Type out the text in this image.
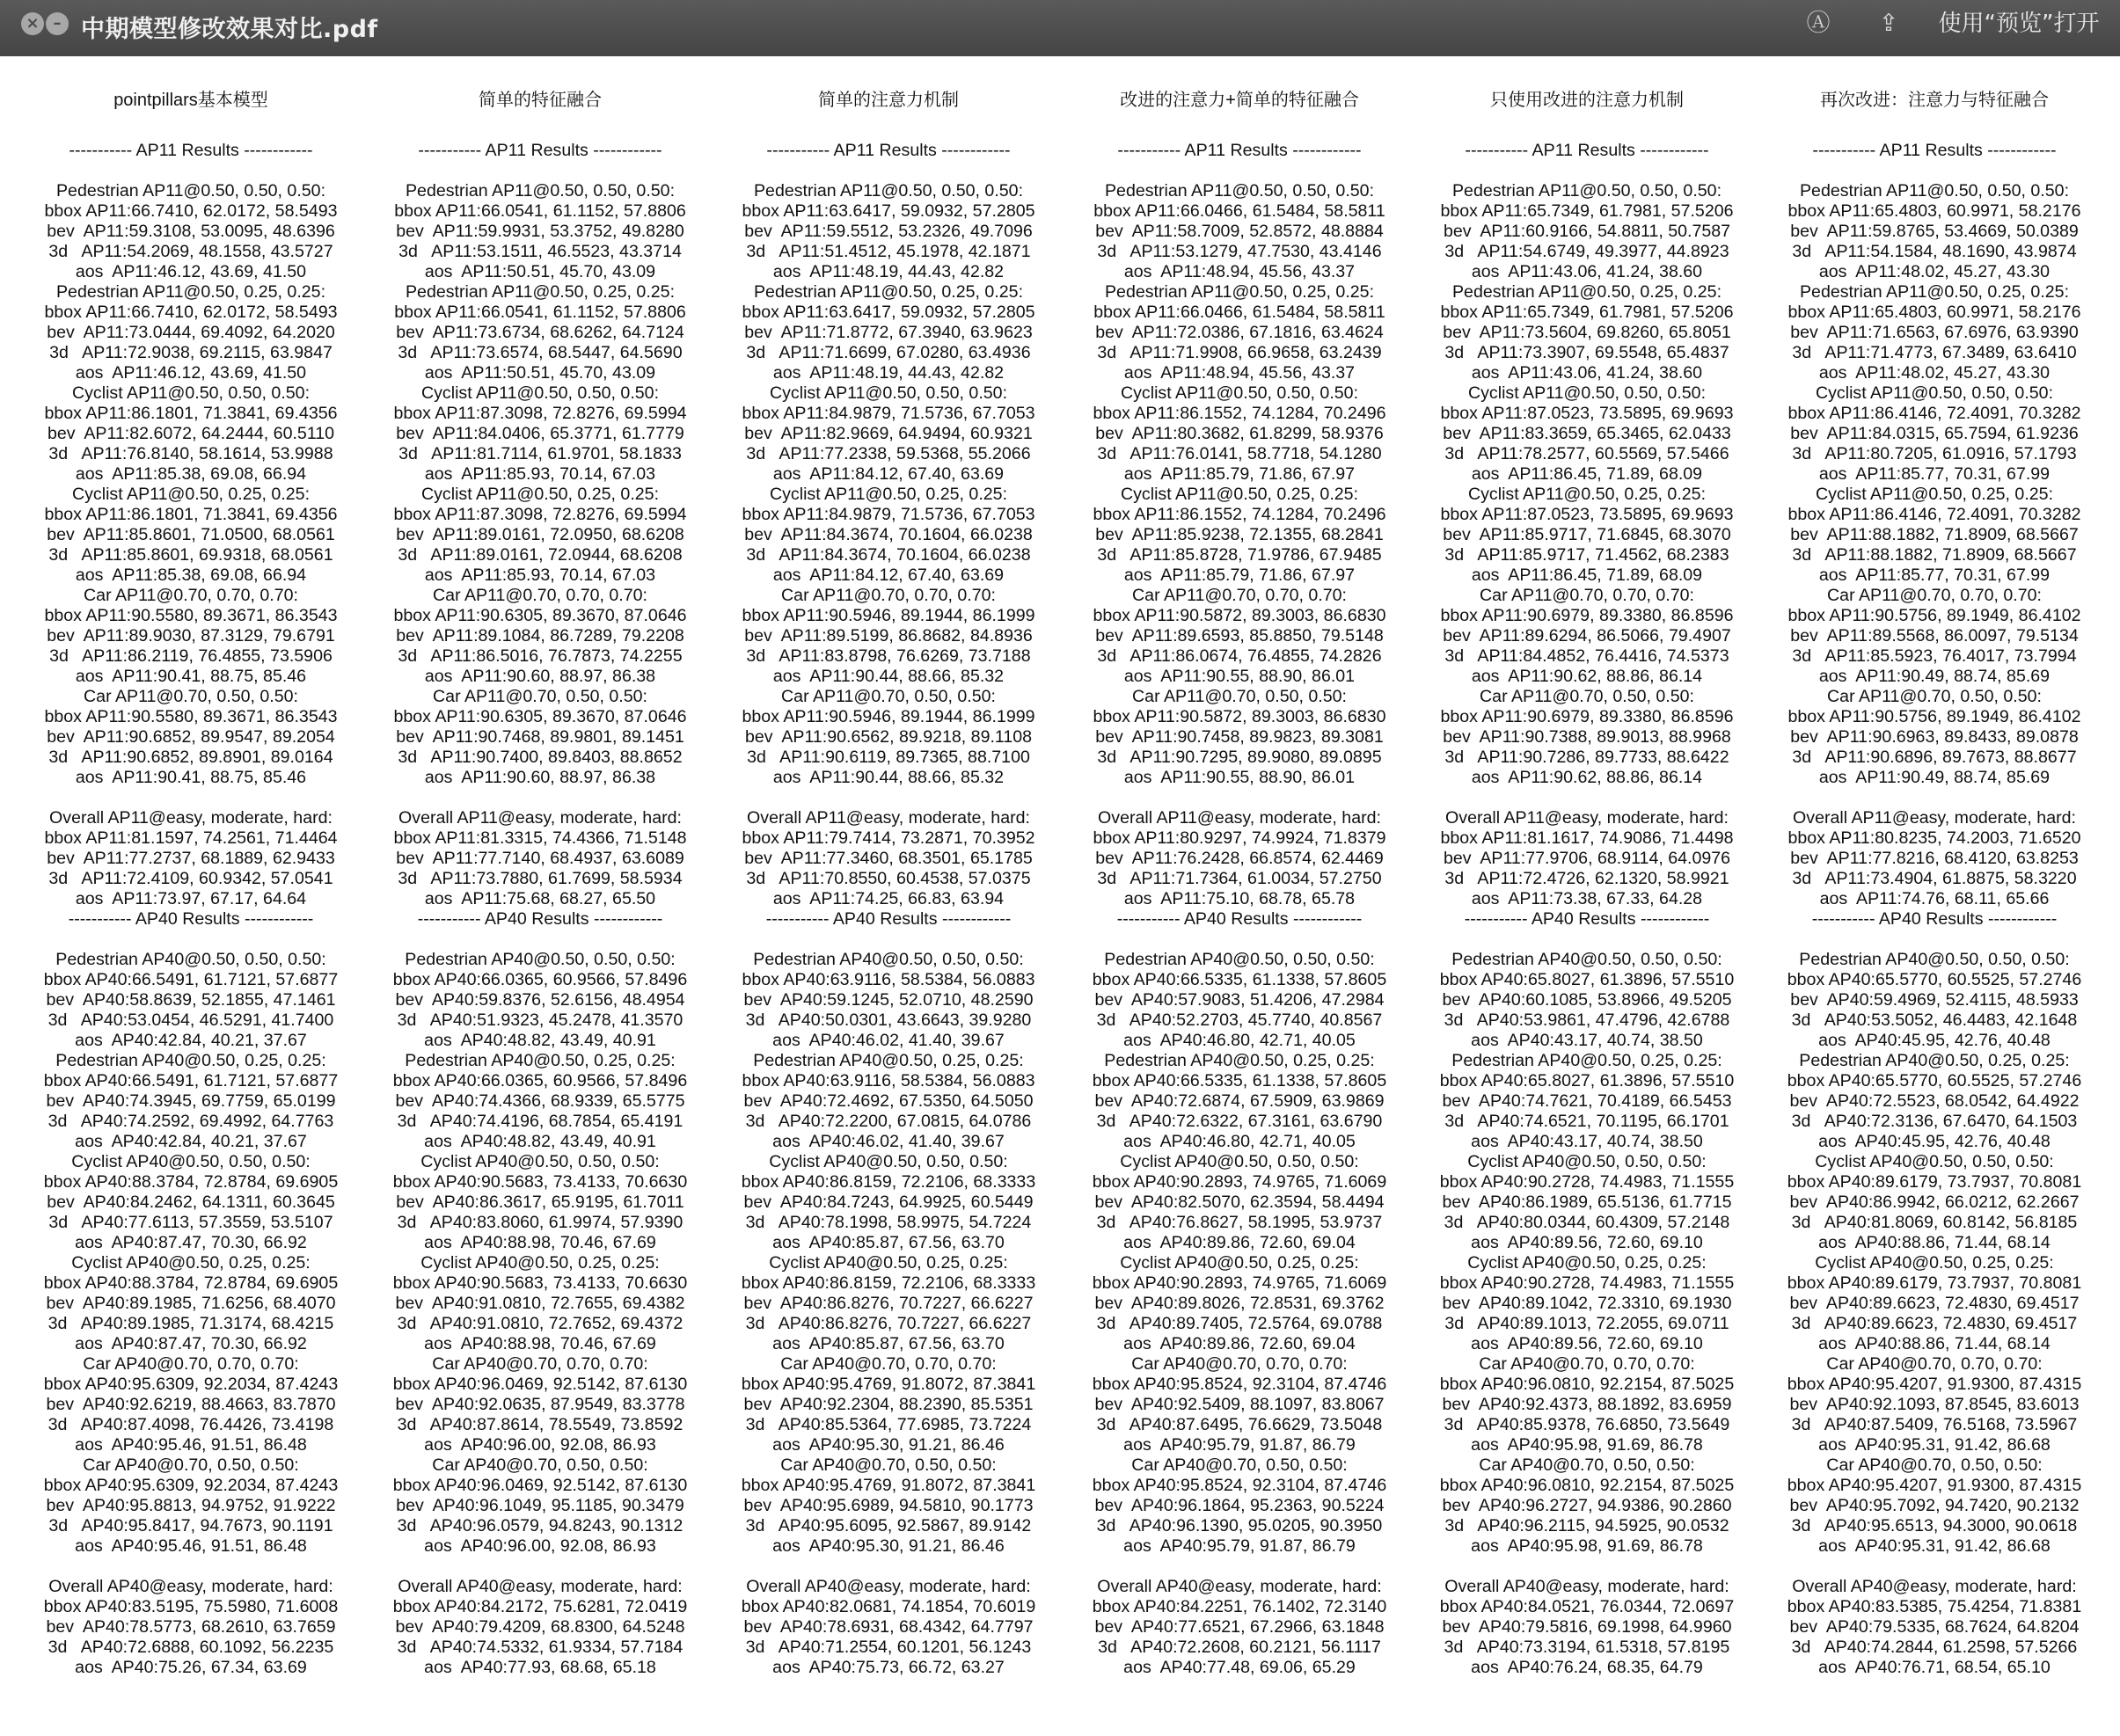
× – 中期模型修改效果对比.pdf	Ⓐ ⇪	使用“预览”打开
pointpillars基本模型
----------- AP11 Results ------------
Pedestrian AP11@0.50, 0.50, 0.50:
bbox AP11:66.7410, 62.0172, 58.5493
bev  AP11:59.3108, 53.0095, 48.6396
3d   AP11:54.2069, 48.1558, 43.5727
aos  AP11:46.12, 43.69, 41.50
Pedestrian AP11@0.50, 0.25, 0.25:
bbox AP11:66.7410, 62.0172, 58.5493
bev  AP11:73.0444, 69.4092, 64.2020
3d   AP11:72.9038, 69.2115, 63.9847
aos  AP11:46.12, 43.69, 41.50
Cyclist AP11@0.50, 0.50, 0.50:
bbox AP11:86.1801, 71.3841, 69.4356
bev  AP11:82.6072, 64.2444, 60.5110
3d   AP11:76.8140, 58.1614, 53.9988
aos  AP11:85.38, 69.08, 66.94
Cyclist AP11@0.50, 0.25, 0.25:
bbox AP11:86.1801, 71.3841, 69.4356
bev  AP11:85.8601, 71.0500, 68.0561
3d   AP11:85.8601, 69.9318, 68.0561
aos  AP11:85.38, 69.08, 66.94
Car AP11@0.70, 0.70, 0.70:
bbox AP11:90.5580, 89.3671, 86.3543
bev  AP11:89.9030, 87.3129, 79.6791
3d   AP11:86.2119, 76.4855, 73.5906
aos  AP11:90.41, 88.75, 85.46
Car AP11@0.70, 0.50, 0.50:
bbox AP11:90.5580, 89.3671, 86.3543
bev  AP11:90.6852, 89.9547, 89.2054
3d   AP11:90.6852, 89.8901, 89.0164
aos  AP11:90.41, 88.75, 85.46
Overall AP11@easy, moderate, hard:
bbox AP11:81.1597, 74.2561, 71.4464
bev  AP11:77.2737, 68.1889, 62.9433
3d   AP11:72.4109, 60.9342, 57.0541
aos  AP11:73.97, 67.17, 64.64
----------- AP40 Results ------------
Pedestrian AP40@0.50, 0.50, 0.50:
bbox AP40:66.5491, 61.7121, 57.6877
bev  AP40:58.8639, 52.1855, 47.1461
3d   AP40:53.0454, 46.5291, 41.7400
aos  AP40:42.84, 40.21, 37.67
Pedestrian AP40@0.50, 0.25, 0.25:
bbox AP40:66.5491, 61.7121, 57.6877
bev  AP40:74.3945, 69.7759, 65.0199
3d   AP40:74.2592, 69.4992, 64.7763
aos  AP40:42.84, 40.21, 37.67
Cyclist AP40@0.50, 0.50, 0.50:
bbox AP40:88.3784, 72.8784, 69.6905
bev  AP40:84.2462, 64.1311, 60.3645
3d   AP40:77.6113, 57.3559, 53.5107
aos  AP40:87.47, 70.30, 66.92
Cyclist AP40@0.50, 0.25, 0.25:
bbox AP40:88.3784, 72.8784, 69.6905
bev  AP40:89.1985, 71.6256, 68.4070
3d   AP40:89.1985, 71.3174, 68.4215
aos  AP40:87.47, 70.30, 66.92
Car AP40@0.70, 0.70, 0.70:
bbox AP40:95.6309, 92.2034, 87.4243
bev  AP40:92.6219, 88.4663, 83.7870
3d   AP40:87.4098, 76.4426, 73.4198
aos  AP40:95.46, 91.51, 86.48
Car AP40@0.70, 0.50, 0.50:
bbox AP40:95.6309, 92.2034, 87.4243
bev  AP40:95.8813, 94.9752, 91.9222
3d   AP40:95.8417, 94.7673, 90.1191
aos  AP40:95.46, 91.51, 86.48
Overall AP40@easy, moderate, hard:
bbox AP40:83.5195, 75.5980, 71.6008
bev  AP40:78.5773, 68.2610, 63.7659
3d   AP40:72.6888, 60.1092, 56.2235
aos  AP40:75.26, 67.34, 63.69
简单的特征融合
----------- AP11 Results ------------
Pedestrian AP11@0.50, 0.50, 0.50:
bbox AP11:66.0541, 61.1152, 57.8806
bev  AP11:59.9931, 53.3752, 49.8280
3d   AP11:53.1511, 46.5523, 43.3714
aos  AP11:50.51, 45.70, 43.09
Pedestrian AP11@0.50, 0.25, 0.25:
bbox AP11:66.0541, 61.1152, 57.8806
bev  AP11:73.6734, 68.6262, 64.7124
3d   AP11:73.6574, 68.5447, 64.5690
aos  AP11:50.51, 45.70, 43.09
Cyclist AP11@0.50, 0.50, 0.50:
bbox AP11:87.3098, 72.8276, 69.5994
bev  AP11:84.0406, 65.3771, 61.7779
3d   AP11:81.7114, 61.9701, 58.1833
aos  AP11:85.93, 70.14, 67.03
Cyclist AP11@0.50, 0.25, 0.25:
bbox AP11:87.3098, 72.8276, 69.5994
bev  AP11:89.0161, 72.0950, 68.6208
3d   AP11:89.0161, 72.0944, 68.6208
aos  AP11:85.93, 70.14, 67.03
Car AP11@0.70, 0.70, 0.70:
bbox AP11:90.6305, 89.3670, 87.0646
bev  AP11:89.1084, 86.7289, 79.2208
3d   AP11:86.5016, 76.7873, 74.2255
aos  AP11:90.60, 88.97, 86.38
Car AP11@0.70, 0.50, 0.50:
bbox AP11:90.6305, 89.3670, 87.0646
bev  AP11:90.7468, 89.9801, 89.1451
3d   AP11:90.7400, 89.8403, 88.8652
aos  AP11:90.60, 88.97, 86.38
Overall AP11@easy, moderate, hard:
bbox AP11:81.3315, 74.4366, 71.5148
bev  AP11:77.7140, 68.4937, 63.6089
3d   AP11:73.7880, 61.7699, 58.5934
aos  AP11:75.68, 68.27, 65.50
----------- AP40 Results ------------
Pedestrian AP40@0.50, 0.50, 0.50:
bbox AP40:66.0365, 60.9566, 57.8496
bev  AP40:59.8376, 52.6156, 48.4954
3d   AP40:51.9323, 45.2478, 41.3570
aos  AP40:48.82, 43.49, 40.91
Pedestrian AP40@0.50, 0.25, 0.25:
bbox AP40:66.0365, 60.9566, 57.8496
bev  AP40:74.4366, 68.9339, 65.5775
3d   AP40:74.4196, 68.7854, 65.4191
aos  AP40:48.82, 43.49, 40.91
Cyclist AP40@0.50, 0.50, 0.50:
bbox AP40:90.5683, 73.4133, 70.6630
bev  AP40:86.3617, 65.9195, 61.7011
3d   AP40:83.8060, 61.9974, 57.9390
aos  AP40:88.98, 70.46, 67.69
Cyclist AP40@0.50, 0.25, 0.25:
bbox AP40:90.5683, 73.4133, 70.6630
bev  AP40:91.0810, 72.7655, 69.4382
3d   AP40:91.0810, 72.7652, 69.4372
aos  AP40:88.98, 70.46, 67.69
Car AP40@0.70, 0.70, 0.70:
bbox AP40:96.0469, 92.5142, 87.6130
bev  AP40:92.0635, 87.9549, 83.3778
3d   AP40:87.8614, 78.5549, 73.8592
aos  AP40:96.00, 92.08, 86.93
Car AP40@0.70, 0.50, 0.50:
bbox AP40:96.0469, 92.5142, 87.6130
bev  AP40:96.1049, 95.1185, 90.3479
3d   AP40:96.0579, 94.8243, 90.1312
aos  AP40:96.00, 92.08, 86.93
Overall AP40@easy, moderate, hard:
bbox AP40:84.2172, 75.6281, 72.0419
bev  AP40:79.4209, 68.8300, 64.5248
3d   AP40:74.5332, 61.9334, 57.7184
aos  AP40:77.93, 68.68, 65.18
简单的注意力机制
----------- AP11 Results ------------
Pedestrian AP11@0.50, 0.50, 0.50:
bbox AP11:63.6417, 59.0932, 57.2805
bev  AP11:59.5512, 53.2326, 49.7096
3d   AP11:51.4512, 45.1978, 42.1871
aos  AP11:48.19, 44.43, 42.82
Pedestrian AP11@0.50, 0.25, 0.25:
bbox AP11:63.6417, 59.0932, 57.2805
bev  AP11:71.8772, 67.3940, 63.9623
3d   AP11:71.6699, 67.0280, 63.4936
aos  AP11:48.19, 44.43, 42.82
Cyclist AP11@0.50, 0.50, 0.50:
bbox AP11:84.9879, 71.5736, 67.7053
bev  AP11:82.9669, 64.9494, 60.9321
3d   AP11:77.2338, 59.5368, 55.2066
aos  AP11:84.12, 67.40, 63.69
Cyclist AP11@0.50, 0.25, 0.25:
bbox AP11:84.9879, 71.5736, 67.7053
bev  AP11:84.3674, 70.1604, 66.0238
3d   AP11:84.3674, 70.1604, 66.0238
aos  AP11:84.12, 67.40, 63.69
Car AP11@0.70, 0.70, 0.70:
bbox AP11:90.5946, 89.1944, 86.1999
bev  AP11:89.5199, 86.8682, 84.8936
3d   AP11:83.8798, 76.6269, 73.7188
aos  AP11:90.44, 88.66, 85.32
Car AP11@0.70, 0.50, 0.50:
bbox AP11:90.5946, 89.1944, 86.1999
bev  AP11:90.6562, 89.9218, 89.1108
3d   AP11:90.6119, 89.7365, 88.7100
aos  AP11:90.44, 88.66, 85.32
Overall AP11@easy, moderate, hard:
bbox AP11:79.7414, 73.2871, 70.3952
bev  AP11:77.3460, 68.3501, 65.1785
3d   AP11:70.8550, 60.4538, 57.0375
aos  AP11:74.25, 66.83, 63.94
----------- AP40 Results ------------
Pedestrian AP40@0.50, 0.50, 0.50:
bbox AP40:63.9116, 58.5384, 56.0883
bev  AP40:59.1245, 52.0710, 48.2590
3d   AP40:50.0301, 43.6643, 39.9280
aos  AP40:46.02, 41.40, 39.67
Pedestrian AP40@0.50, 0.25, 0.25:
bbox AP40:63.9116, 58.5384, 56.0883
bev  AP40:72.4692, 67.5350, 64.5050
3d   AP40:72.2200, 67.0815, 64.0786
aos  AP40:46.02, 41.40, 39.67
Cyclist AP40@0.50, 0.50, 0.50:
bbox AP40:86.8159, 72.2106, 68.3333
bev  AP40:84.7243, 64.9925, 60.5449
3d   AP40:78.1998, 58.9975, 54.7224
aos  AP40:85.87, 67.56, 63.70
Cyclist AP40@0.50, 0.25, 0.25:
bbox AP40:86.8159, 72.2106, 68.3333
bev  AP40:86.8276, 70.7227, 66.6227
3d   AP40:86.8276, 70.7227, 66.6227
aos  AP40:85.87, 67.56, 63.70
Car AP40@0.70, 0.70, 0.70:
bbox AP40:95.4769, 91.8072, 87.3841
bev  AP40:92.2304, 88.2390, 85.5351
3d   AP40:85.5364, 77.6985, 73.7224
aos  AP40:95.30, 91.21, 86.46
Car AP40@0.70, 0.50, 0.50:
bbox AP40:95.4769, 91.8072, 87.3841
bev  AP40:95.6989, 94.5810, 90.1773
3d   AP40:95.6095, 92.5867, 89.9142
aos  AP40:95.30, 91.21, 86.46
Overall AP40@easy, moderate, hard:
bbox AP40:82.0681, 74.1854, 70.6019
bev  AP40:78.6931, 68.4342, 64.7797
3d   AP40:71.2554, 60.1201, 56.1243
aos  AP40:75.73, 66.72, 63.27
改进的注意力+简单的特征融合
----------- AP11 Results ------------
Pedestrian AP11@0.50, 0.50, 0.50:
bbox AP11:66.0466, 61.5484, 58.5811
bev  AP11:58.7009, 52.8572, 48.8884
3d   AP11:53.1279, 47.7530, 43.4146
aos  AP11:48.94, 45.56, 43.37
Pedestrian AP11@0.50, 0.25, 0.25:
bbox AP11:66.0466, 61.5484, 58.5811
bev  AP11:72.0386, 67.1816, 63.4624
3d   AP11:71.9908, 66.9658, 63.2439
aos  AP11:48.94, 45.56, 43.37
Cyclist AP11@0.50, 0.50, 0.50:
bbox AP11:86.1552, 74.1284, 70.2496
bev  AP11:80.3682, 61.8299, 58.9376
3d   AP11:76.0141, 58.7718, 54.1280
aos  AP11:85.79, 71.86, 67.97
Cyclist AP11@0.50, 0.25, 0.25:
bbox AP11:86.1552, 74.1284, 70.2496
bev  AP11:85.9238, 72.1355, 68.2841
3d   AP11:85.8728, 71.9786, 67.9485
aos  AP11:85.79, 71.86, 67.97
Car AP11@0.70, 0.70, 0.70:
bbox AP11:90.5872, 89.3003, 86.6830
bev  AP11:89.6593, 85.8850, 79.5148
3d   AP11:86.0674, 76.4855, 74.2826
aos  AP11:90.55, 88.90, 86.01
Car AP11@0.70, 0.50, 0.50:
bbox AP11:90.5872, 89.3003, 86.6830
bev  AP11:90.7458, 89.9823, 89.3081
3d   AP11:90.7295, 89.9080, 89.0895
aos  AP11:90.55, 88.90, 86.01
Overall AP11@easy, moderate, hard:
bbox AP11:80.9297, 74.9924, 71.8379
bev  AP11:76.2428, 66.8574, 62.4469
3d   AP11:71.7364, 61.0034, 57.2750
aos  AP11:75.10, 68.78, 65.78
----------- AP40 Results ------------
Pedestrian AP40@0.50, 0.50, 0.50:
bbox AP40:66.5335, 61.1338, 57.8605
bev  AP40:57.9083, 51.4206, 47.2984
3d   AP40:52.2703, 45.7740, 40.8567
aos  AP40:46.80, 42.71, 40.05
Pedestrian AP40@0.50, 0.25, 0.25:
bbox AP40:66.5335, 61.1338, 57.8605
bev  AP40:72.6874, 67.5909, 63.9869
3d   AP40:72.6322, 67.3161, 63.6790
aos  AP40:46.80, 42.71, 40.05
Cyclist AP40@0.50, 0.50, 0.50:
bbox AP40:90.2893, 74.9765, 71.6069
bev  AP40:82.5070, 62.3594, 58.4494
3d   AP40:76.8627, 58.1995, 53.9737
aos  AP40:89.86, 72.60, 69.04
Cyclist AP40@0.50, 0.25, 0.25:
bbox AP40:90.2893, 74.9765, 71.6069
bev  AP40:89.8026, 72.8531, 69.3762
3d   AP40:89.7405, 72.5764, 69.0788
aos  AP40:89.86, 72.60, 69.04
Car AP40@0.70, 0.70, 0.70:
bbox AP40:95.8524, 92.3104, 87.4746
bev  AP40:92.5409, 88.1097, 83.8067
3d   AP40:87.6495, 76.6629, 73.5048
aos  AP40:95.79, 91.87, 86.79
Car AP40@0.70, 0.50, 0.50:
bbox AP40:95.8524, 92.3104, 87.4746
bev  AP40:96.1864, 95.2363, 90.5224
3d   AP40:96.1390, 95.0205, 90.3950
aos  AP40:95.79, 91.87, 86.79
Overall AP40@easy, moderate, hard:
bbox AP40:84.2251, 76.1402, 72.3140
bev  AP40:77.6521, 67.2966, 63.1848
3d   AP40:72.2608, 60.2121, 56.1117
aos  AP40:77.48, 69.06, 65.29
只使用改进的注意力机制
----------- AP11 Results ------------
Pedestrian AP11@0.50, 0.50, 0.50:
bbox AP11:65.7349, 61.7981, 57.5206
bev  AP11:60.9166, 54.8811, 50.7587
3d   AP11:54.6749, 49.3977, 44.8923
aos  AP11:43.06, 41.24, 38.60
Pedestrian AP11@0.50, 0.25, 0.25:
bbox AP11:65.7349, 61.7981, 57.5206
bev  AP11:73.5604, 69.8260, 65.8051
3d   AP11:73.3907, 69.5548, 65.4837
aos  AP11:43.06, 41.24, 38.60
Cyclist AP11@0.50, 0.50, 0.50:
bbox AP11:87.0523, 73.5895, 69.9693
bev  AP11:83.3659, 65.3465, 62.0433
3d   AP11:78.2577, 60.5569, 57.5466
aos  AP11:86.45, 71.89, 68.09
Cyclist AP11@0.50, 0.25, 0.25:
bbox AP11:87.0523, 73.5895, 69.9693
bev  AP11:85.9717, 71.6845, 68.3070
3d   AP11:85.9717, 71.4562, 68.2383
aos  AP11:86.45, 71.89, 68.09
Car AP11@0.70, 0.70, 0.70:
bbox AP11:90.6979, 89.3380, 86.8596
bev  AP11:89.6294, 86.5066, 79.4907
3d   AP11:84.4852, 76.4416, 74.5373
aos  AP11:90.62, 88.86, 86.14
Car AP11@0.70, 0.50, 0.50:
bbox AP11:90.6979, 89.3380, 86.8596
bev  AP11:90.7388, 89.9013, 88.9968
3d   AP11:90.7286, 89.7733, 88.6422
aos  AP11:90.62, 88.86, 86.14
Overall AP11@easy, moderate, hard:
bbox AP11:81.1617, 74.9086, 71.4498
bev  AP11:77.9706, 68.9114, 64.0976
3d   AP11:72.4726, 62.1320, 58.9921
aos  AP11:73.38, 67.33, 64.28
----------- AP40 Results ------------
Pedestrian AP40@0.50, 0.50, 0.50:
bbox AP40:65.8027, 61.3896, 57.5510
bev  AP40:60.1085, 53.8966, 49.5205
3d   AP40:53.9861, 47.4796, 42.6788
aos  AP40:43.17, 40.74, 38.50
Pedestrian AP40@0.50, 0.25, 0.25:
bbox AP40:65.8027, 61.3896, 57.5510
bev  AP40:74.7621, 70.4189, 66.5453
3d   AP40:74.6521, 70.1195, 66.1701
aos  AP40:43.17, 40.74, 38.50
Cyclist AP40@0.50, 0.50, 0.50:
bbox AP40:90.2728, 74.4983, 71.1555
bev  AP40:86.1989, 65.5136, 61.7715
3d   AP40:80.0344, 60.4309, 57.2148
aos  AP40:89.56, 72.60, 69.10
Cyclist AP40@0.50, 0.25, 0.25:
bbox AP40:90.2728, 74.4983, 71.1555
bev  AP40:89.1042, 72.3310, 69.1930
3d   AP40:89.1013, 72.2055, 69.0711
aos  AP40:89.56, 72.60, 69.10
Car AP40@0.70, 0.70, 0.70:
bbox AP40:96.0810, 92.2154, 87.5025
bev  AP40:92.4373, 88.1892, 83.6959
3d   AP40:85.9378, 76.6850, 73.5649
aos  AP40:95.98, 91.69, 86.78
Car AP40@0.70, 0.50, 0.50:
bbox AP40:96.0810, 92.2154, 87.5025
bev  AP40:96.2727, 94.9386, 90.2860
3d   AP40:96.2115, 94.5925, 90.0532
aos  AP40:95.98, 91.69, 86.78
Overall AP40@easy, moderate, hard:
bbox AP40:84.0521, 76.0344, 72.0697
bev  AP40:79.5816, 69.1998, 64.9960
3d   AP40:73.3194, 61.5318, 57.8195
aos  AP40:76.24, 68.35, 64.79
再次改进：注意力与特征融合
----------- AP11 Results ------------
Pedestrian AP11@0.50, 0.50, 0.50:
bbox AP11:65.4803, 60.9971, 58.2176
bev  AP11:59.8765, 53.4669, 50.0389
3d   AP11:54.1584, 48.1690, 43.9874
aos  AP11:48.02, 45.27, 43.30
Pedestrian AP11@0.50, 0.25, 0.25:
bbox AP11:65.4803, 60.9971, 58.2176
bev  AP11:71.6563, 67.6976, 63.9390
3d   AP11:71.4773, 67.3489, 63.6410
aos  AP11:48.02, 45.27, 43.30
Cyclist AP11@0.50, 0.50, 0.50:
bbox AP11:86.4146, 72.4091, 70.3282
bev  AP11:84.0315, 65.7594, 61.9236
3d   AP11:80.7205, 61.0916, 57.1793
aos  AP11:85.77, 70.31, 67.99
Cyclist AP11@0.50, 0.25, 0.25:
bbox AP11:86.4146, 72.4091, 70.3282
bev  AP11:88.1882, 71.8909, 68.5667
3d   AP11:88.1882, 71.8909, 68.5667
aos  AP11:85.77, 70.31, 67.99
Car AP11@0.70, 0.70, 0.70:
bbox AP11:90.5756, 89.1949, 86.4102
bev  AP11:89.5568, 86.0097, 79.5134
3d   AP11:85.5923, 76.4017, 73.7994
aos  AP11:90.49, 88.74, 85.69
Car AP11@0.70, 0.50, 0.50:
bbox AP11:90.5756, 89.1949, 86.4102
bev  AP11:90.6963, 89.8433, 89.0878
3d   AP11:90.6896, 89.7673, 88.8677
aos  AP11:90.49, 88.74, 85.69
Overall AP11@easy, moderate, hard:
bbox AP11:80.8235, 74.2003, 71.6520
bev  AP11:77.8216, 68.4120, 63.8253
3d   AP11:73.4904, 61.8875, 58.3220
aos  AP11:74.76, 68.11, 65.66
----------- AP40 Results ------------
Pedestrian AP40@0.50, 0.50, 0.50:
bbox AP40:65.5770, 60.5525, 57.2746
bev  AP40:59.4969, 52.4115, 48.5933
3d   AP40:53.5052, 46.4483, 42.1648
aos  AP40:45.95, 42.76, 40.48
Pedestrian AP40@0.50, 0.25, 0.25:
bbox AP40:65.5770, 60.5525, 57.2746
bev  AP40:72.5523, 68.0542, 64.4922
3d   AP40:72.3136, 67.6470, 64.1503
aos  AP40:45.95, 42.76, 40.48
Cyclist AP40@0.50, 0.50, 0.50:
bbox AP40:89.6179, 73.7937, 70.8081
bev  AP40:86.9942, 66.0212, 62.2667
3d   AP40:81.8069, 60.8142, 56.8185
aos  AP40:88.86, 71.44, 68.14
Cyclist AP40@0.50, 0.25, 0.25:
bbox AP40:89.6179, 73.7937, 70.8081
bev  AP40:89.6623, 72.4830, 69.4517
3d   AP40:89.6623, 72.4830, 69.4517
aos  AP40:88.86, 71.44, 68.14
Car AP40@0.70, 0.70, 0.70:
bbox AP40:95.4207, 91.9300, 87.4315
bev  AP40:92.1093, 87.8545, 83.6013
3d   AP40:87.5409, 76.5168, 73.5967
aos  AP40:95.31, 91.42, 86.68
Car AP40@0.70, 0.50, 0.50:
bbox AP40:95.4207, 91.9300, 87.4315
bev  AP40:95.7092, 94.7420, 90.2132
3d   AP40:95.6513, 94.3000, 90.0618
aos  AP40:95.31, 91.42, 86.68
Overall AP40@easy, moderate, hard:
bbox AP40:83.5385, 75.4254, 71.8381
bev  AP40:79.5335, 68.7624, 64.8204
3d   AP40:74.2844, 61.2598, 57.5266
aos  AP40:76.71, 68.54, 65.10
